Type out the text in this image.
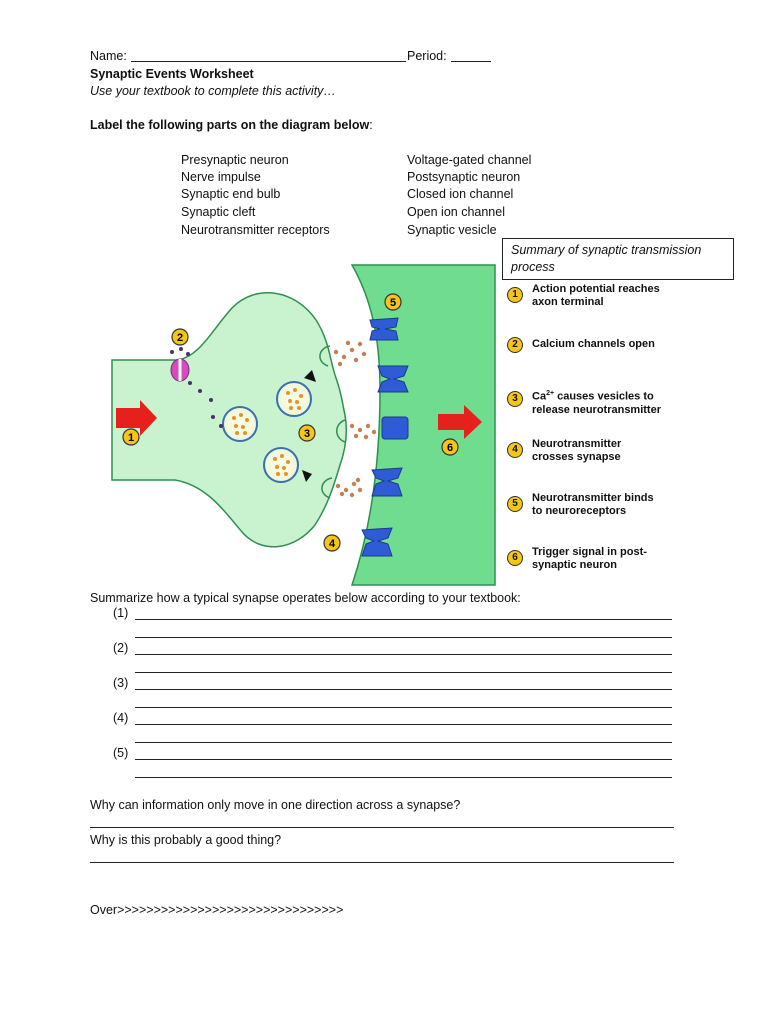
Name:	Period:
Synaptic Events Worksheet
Use your textbook to complete this activity…
Label the following parts on the diagram below:
Presynaptic neuron
Nerve impulse
Synaptic end bulb
Synaptic cleft
Neurotransmitter receptors
Voltage-gated channel
Postsynaptic neuron
Closed ion channel
Open ion channel
Synaptic vesicle
1
2
3
4
5
6
Summary of synaptic transmission process
1	Action potential reaches
axon terminal
2	Calcium channels open
3	$Ca^{2+}$ causes vesicles to
release neurotransmitter
4	Neurotransmitter
crosses synapse
5	Neurotransmitter binds
to neuroreceptors
6	Trigger signal in post-
synaptic neuron
Summarize how a typical synapse operates below according to your textbook:
(1)
(2)
(3)
(4)
(5)
Why can information only move in one direction across a synapse?
Why is this probably a good thing?
Over>>>>>>>>>>>>>>>>>>>>>>>>>>>>>>>
